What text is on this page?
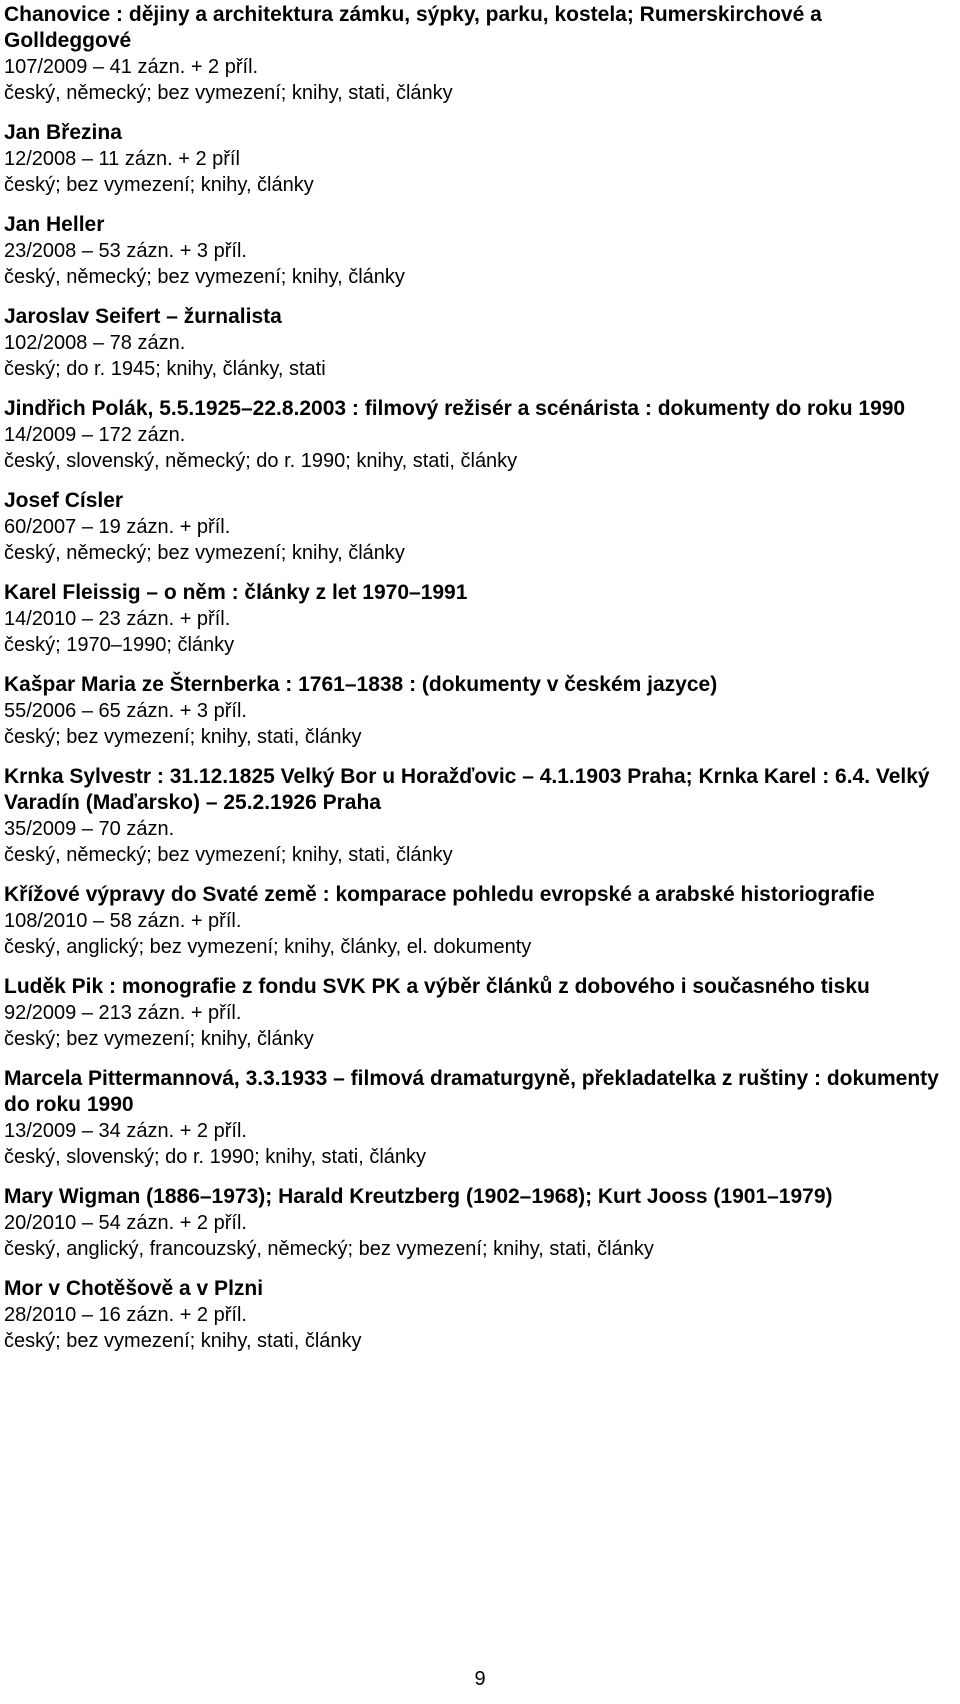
Chanovice : dějiny a architektura zámku, sýpky, parku, kostela; Rumerskirchové a Golldeggové
107/2009 – 41 zázn. + 2 příl.
český, německý; bez vymezení; knihy, stati, články
Jan Březina
12/2008 – 11 zázn. + 2 příl
český; bez vymezení; knihy, články
Jan Heller
23/2008 – 53 zázn. + 3 příl.
český, německý; bez vymezení; knihy, články
Jaroslav Seifert – žurnalista
102/2008 – 78 zázn.
český; do r. 1945; knihy, články, stati
Jindřich Polák, 5.5.1925–22.8.2003 : filmový režisér a scénárista : dokumenty do roku 1990
14/2009 – 172 zázn.
český, slovenský, německý; do r. 1990; knihy, stati, články
Josef Císler
60/2007 – 19 zázn. + příl.
český, německý; bez vymezení; knihy, články
Karel Fleissig – o něm : články z let 1970–1991
14/2010 – 23 zázn. + příl.
český; 1970–1990; články
Kašpar Maria ze Šternberka : 1761–1838 : (dokumenty v českém jazyce)
55/2006 – 65 zázn. + 3 příl.
český; bez vymezení; knihy, stati, články
Krnka Sylvestr : 31.12.1825 Velký Bor u Horažďovic – 4.1.1903 Praha; Krnka Karel : 6.4. Velký Varadín (Maďarsko) – 25.2.1926 Praha
35/2009 – 70 zázn.
český, německý; bez vymezení; knihy, stati, články
Křížové výpravy do Svaté země : komparace pohledu evropské a arabské historiografie
108/2010 – 58 zázn. + příl.
český, anglický; bez vymezení; knihy, články, el. dokumenty
Luděk Pik : monografie z fondu SVK PK a výběr článků z dobového i současného tisku
92/2009 – 213 zázn. + příl.
český; bez vymezení; knihy, články
Marcela Pittermannová, 3.3.1933 – filmová dramaturgyně, překladatelka z ruštiny : dokumenty do roku 1990
13/2009 – 34 zázn. + 2 příl.
český, slovenský; do r. 1990; knihy, stati, články
Mary Wigman (1886–1973); Harald Kreutzberg (1902–1968); Kurt Jooss (1901–1979)
20/2010 – 54 zázn. + 2 příl.
český, anglický, francouzský, německý; bez vymezení; knihy, stati, články
Mor v Chotěšově a v Plzni
28/2010 – 16 zázn. + 2 příl.
český; bez vymezení; knihy, stati, články
9
